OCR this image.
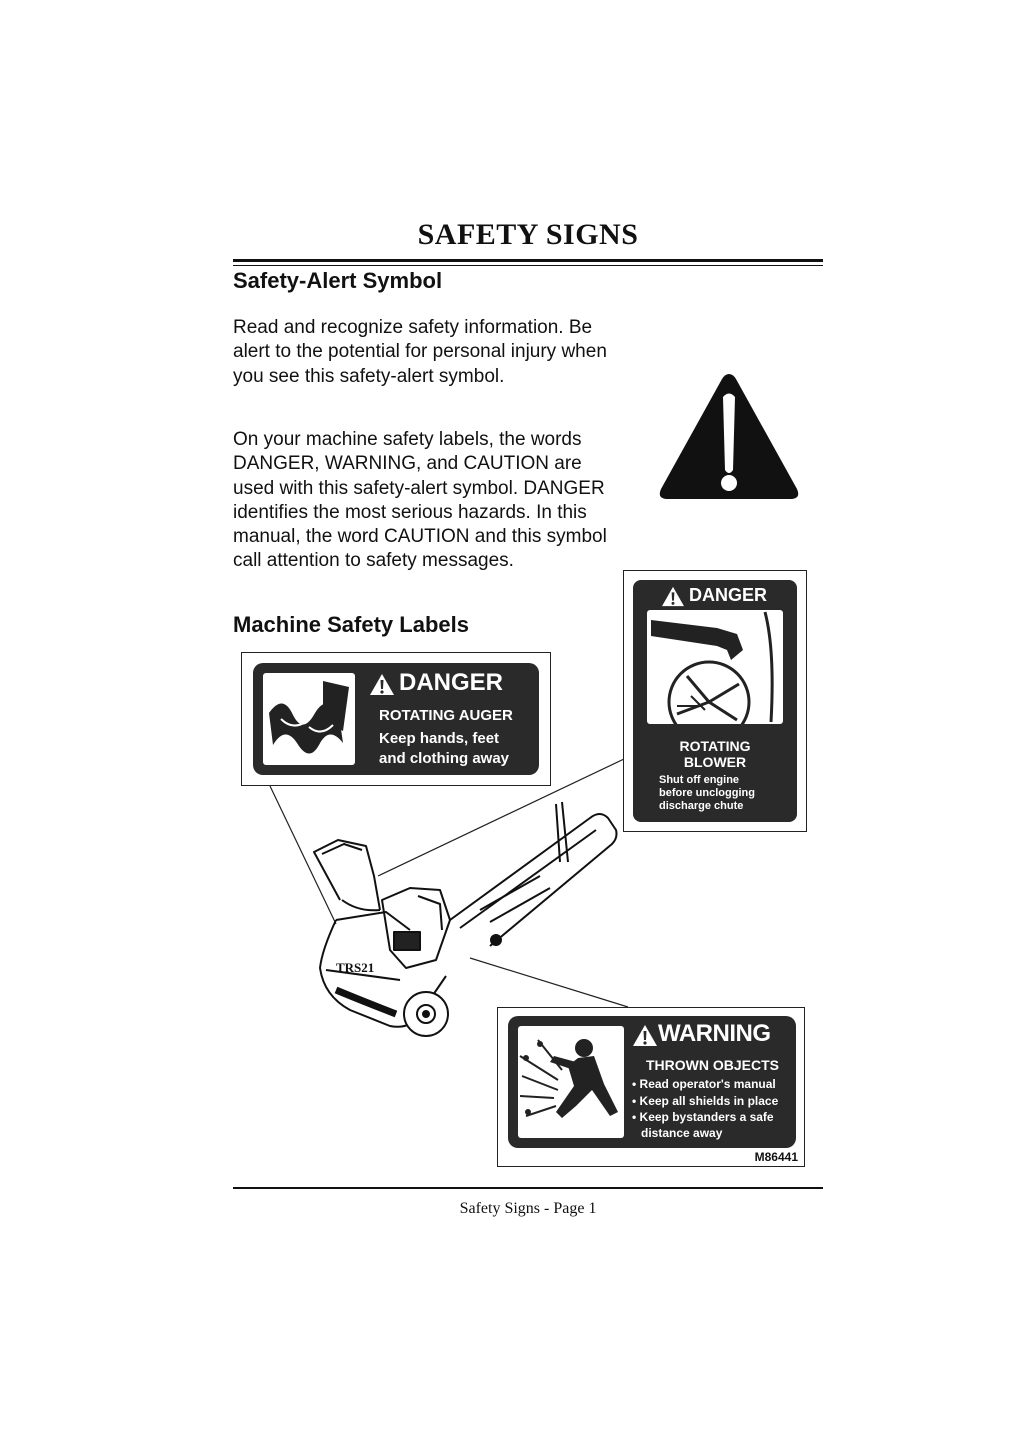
SAFETY SIGNS
Safety-Alert Symbol
Read and recognize safety information. Be alert to the potential for personal injury when you see this safety-alert symbol.
On your machine safety labels, the words DANGER, WARNING, and CAUTION are used with this safety-alert symbol. DANGER identifies the most serious hazards. In this manual, the word CAUTION and this symbol call attention to safety messages.
Machine Safety Labels
DANGER
ROTATING AUGER
Keep hands, feet
and clothing away
DANGER
ROTATING
BLOWER
Shut off engine
before unclogging
discharge chute
TRS21
WARNING
THROWN OBJECTS
• Read operator's manual
• Keep all shields in place
• Keep bystanders a safe
distance away
M86441
Safety Signs - Page 1
